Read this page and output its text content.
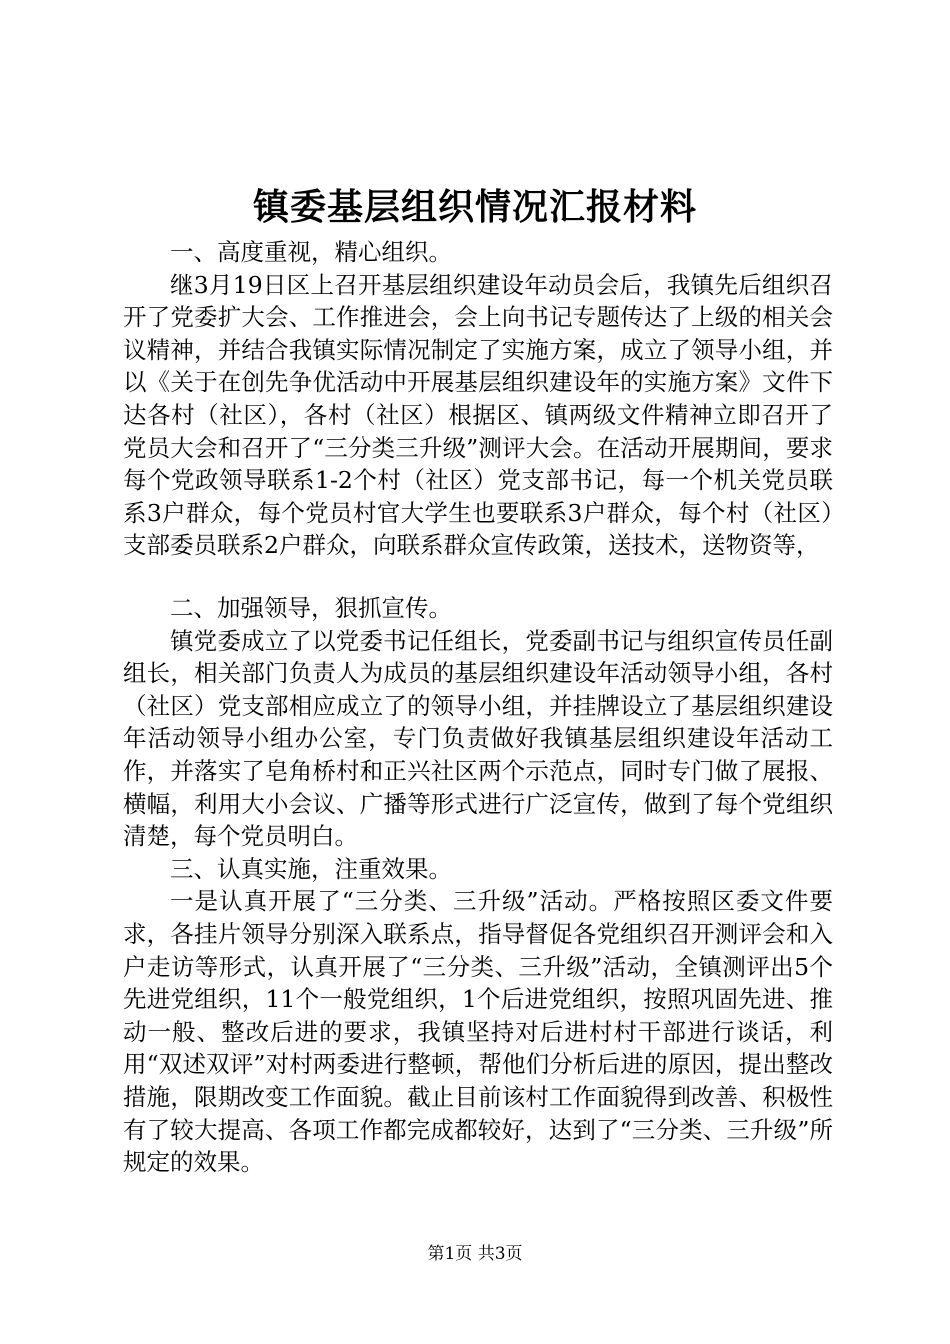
镇委基层组织情况汇报材料

一、高度重视，精心组织。

继3月19日区上召开基层组织建设年动员会后，我镇先后组织召开了党委扩大会、工作推进会，会上向书记专题传达了上级的相关会议精神，并结合我镇实际情况制定了实施方案，成立了领导小组，并以《关于在创先争优活动中开展基层组织建设年的实施方案》文件下达各村（社区），各村（社区）根据区、镇两级文件精神立即召开了党员大会和召开了“三分类三升级”测评大会。在活动开展期间，要求每个党政领导联系1-2个村（社区）党支部书记，每一个机关党员联系3户群众，每个党员村官大学生也要联系3户群众，每个村（社区）支部委员联系2户群众，向联系群众宣传政策，送技术，送物资等，

二、加强领导，狠抓宣传。

镇党委成立了以党委书记任组长，党委副书记与组织宣传员任副组长，相关部门负责人为成员的基层组织建设年活动领导小组，各村（社区）党支部相应成立了的领导小组，并挂牌设立了基层组织建设年活动领导小组办公室，专门负责做好我镇基层组织建设年活动工作，并落实了皂角桥村和正兴社区两个示范点，同时专门做了展报、横幅，利用大小会议、广播等形式进行广泛宣传，做到了每个党组织清楚，每个党员明白。

三、认真实施，注重效果。

一是认真开展了“三分类、三升级”活动。严格按照区委文件要求，各挂片领导分别深入联系点，指导督促各党组织召开测评会和入户走访等形式，认真开展了“三分类、三升级”活动，全镇测评出5个先进党组织，11个一般党组织，1个后进党组织，按照巩固先进、推动一般、整改后进的要求，我镇坚持对后进村村干部进行谈话，利用“双述双评”对村两委进行整顿，帮他们分析后进的原因，提出整改措施，限期改变工作面貌。截止目前该村工作面貌得到改善、积极性有了较大提高、各项工作都完成都较好，达到了“三分类、三升级”所规定的效果。

第1页 共3页
